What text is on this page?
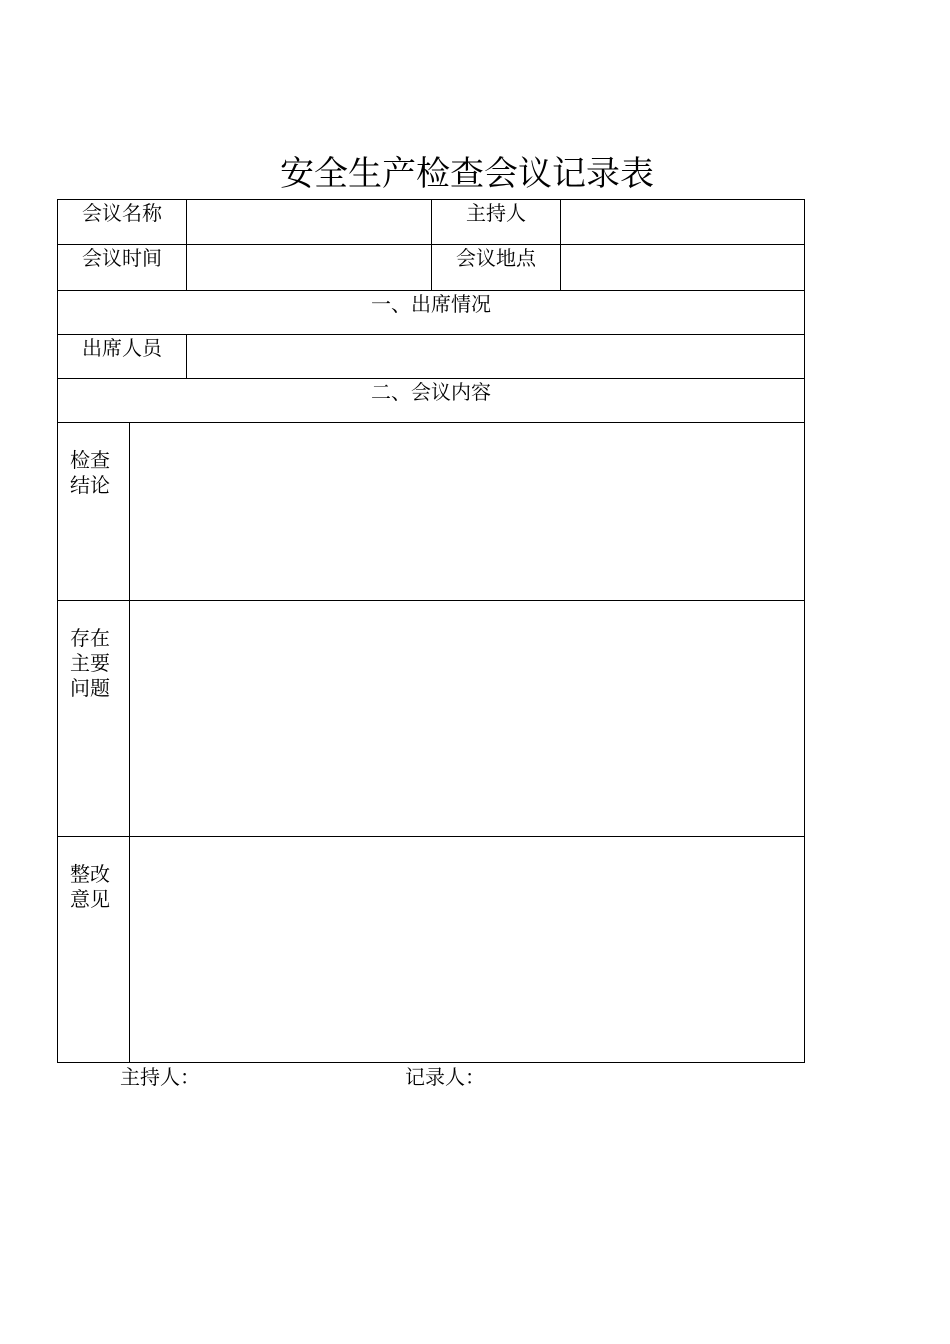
安全生产检查会议记录表
会议名称	主持人
会议时间	会议地点
一、出席情况
出席人员
二、会议内容
检查结论
存在主要问题
整改意见
主持人：	记录人：
